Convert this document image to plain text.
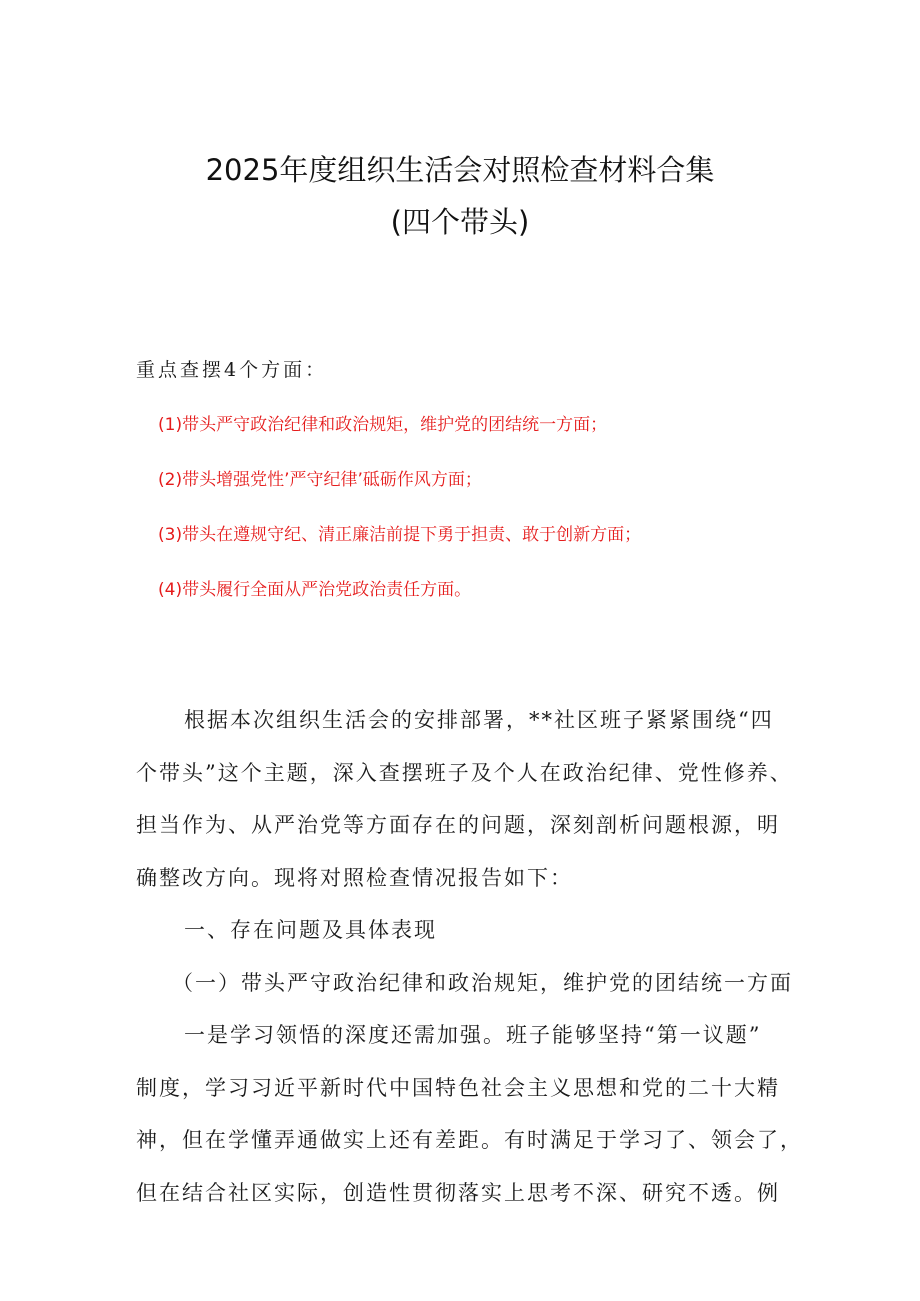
2025年度组织生活会对照检查材料合集
(四个带头)
重点查摆4个方面：
(1)带头严守政治纪律和政治规矩，维护党的团结统一方面；
(2)带头增强党性’严守纪律’砥砺作风方面；
(3)带头在遵规守纪、清正廉洁前提下勇于担责、敢于创新方面；
(4)带头履行全面从严治党政治责任方面。
根据本次组织生活会的安排部署，**社区班子紧紧围绕“四
个带头”这个主题，深入查摆班子及个人在政治纪律、党性修养、
担当作为、从严治党等方面存在的问题，深刻剖析问题根源，明
确整改方向。现将对照检查情况报告如下：
一、存在问题及具体表现
（一）带头严守政治纪律和政治规矩，维护党的团结统一方面
一是学习领悟的深度还需加强。班子能够坚持“第一议题”
制度，学习习近平新时代中国特色社会主义思想和党的二十大精
神，但在学懂弄通做实上还有差距。有时满足于学习了、领会了，
但在结合社区实际，创造性贯彻落实上思考不深、研究不透。例
